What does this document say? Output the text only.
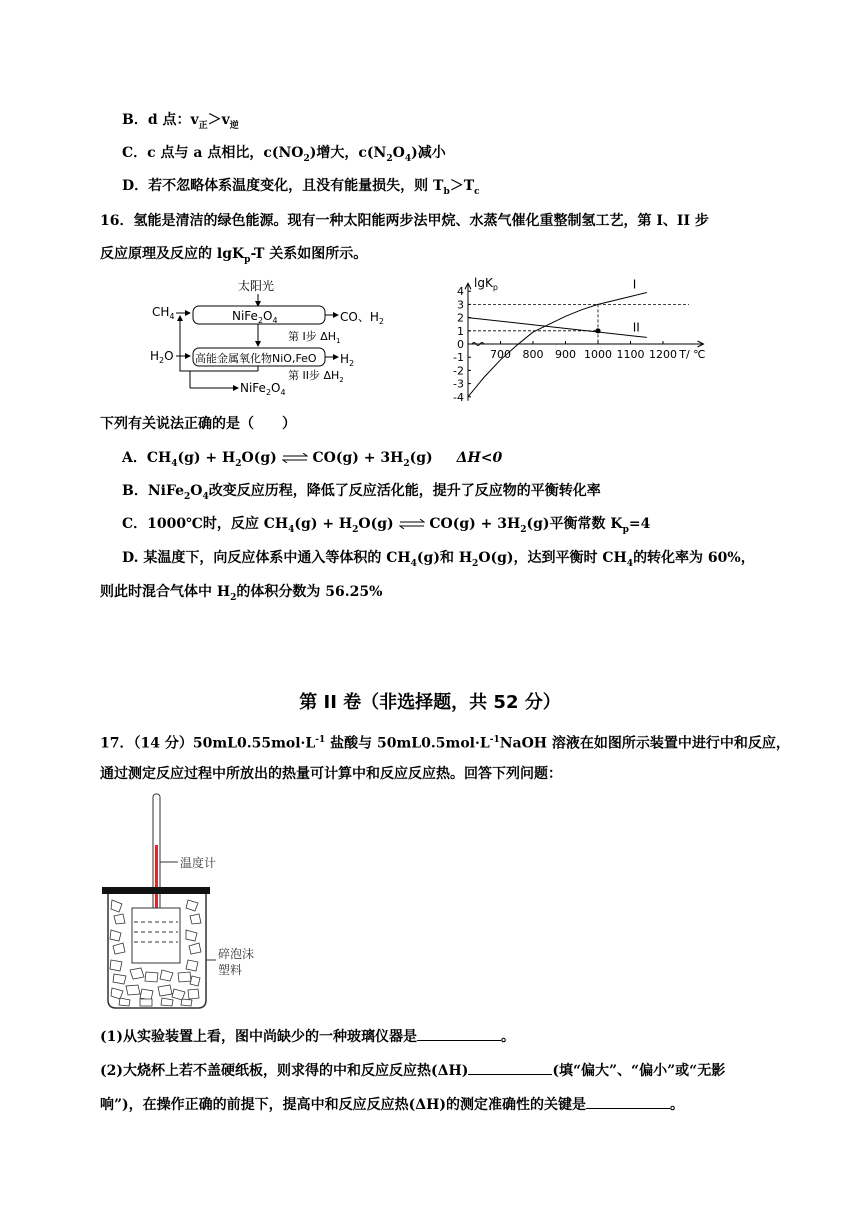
B．d 点：$v_正>v_逆$
C．c 点与 a 点相比，$c(NO_2)$增大，$c(N_2O_4)$减小
D．若不忽略体系温度变化，且没有能量损失，则 $T_b>T_c$
16．氢能是清洁的绿色能源。现有一种太阳能两步法甲烷、水蒸气催化重整制氢工艺，第 I、II 步
反应原理及反应的 lgK$_p$-T 关系如图所示。
太阳光
$CH_4$	$NiFe_2O_4$	CO、$H_2$
第 I步 $\Delta H_1$
$H_2O$ 高能金属氧化物NiO,FeO $H_2$
第 II步 $\Delta H_2$
$NiFe_2O_4$
4
3
2
1
0
-1
-2
-3
-4
700 800 900 1000 1100 1200
lgK$_p$
T/ ℃
I
II
下列有关说法正确的是（　　）
A．$CH_4(g) + H_2O(g)$ ⇌ $CO(g) + 3H_2(g)$ ΔH<0
B．$NiFe_2O_4$改变反应历程，降低了反应活化能，提升了反应物的平衡转化率
C．1000℃时，反应 $CH_4(g) + H_2O(g)$ ⇌ $CO(g) + 3H_2(g)$平衡常数 $K_p=4$
D. 某温度下，向反应体系中通入等体积的 $CH_4(g)$和 $H_2O(g)$，达到平衡时 $CH_4$的转化率为 60%，
则此时混合气体中 $H_2$的体积分数为 56.25%
第 II 卷（非选择题，共 52 分）
17．（14 分）$50mL0.55mol\cdot L^{-1}$ 盐酸与 $50mL0.5mol\cdot L^{-1}NaOH$ 溶液在如图所示装置中进行中和反应，
通过测定反应过程中所放出的热量可计算中和反应反应热。回答下列问题：
温度计
碎泡沫
塑料
(1)从实验装置上看，图中尚缺少的一种玻璃仪器是	。
(2)大烧杯上若不盖硬纸板，则求得的中和反应反应热(ΔH)	(填“偏大”、“偏小”或“无影
响”)，在操作正确的前提下，提高中和反应反应热(ΔH)的测定准确性的关键是	。
